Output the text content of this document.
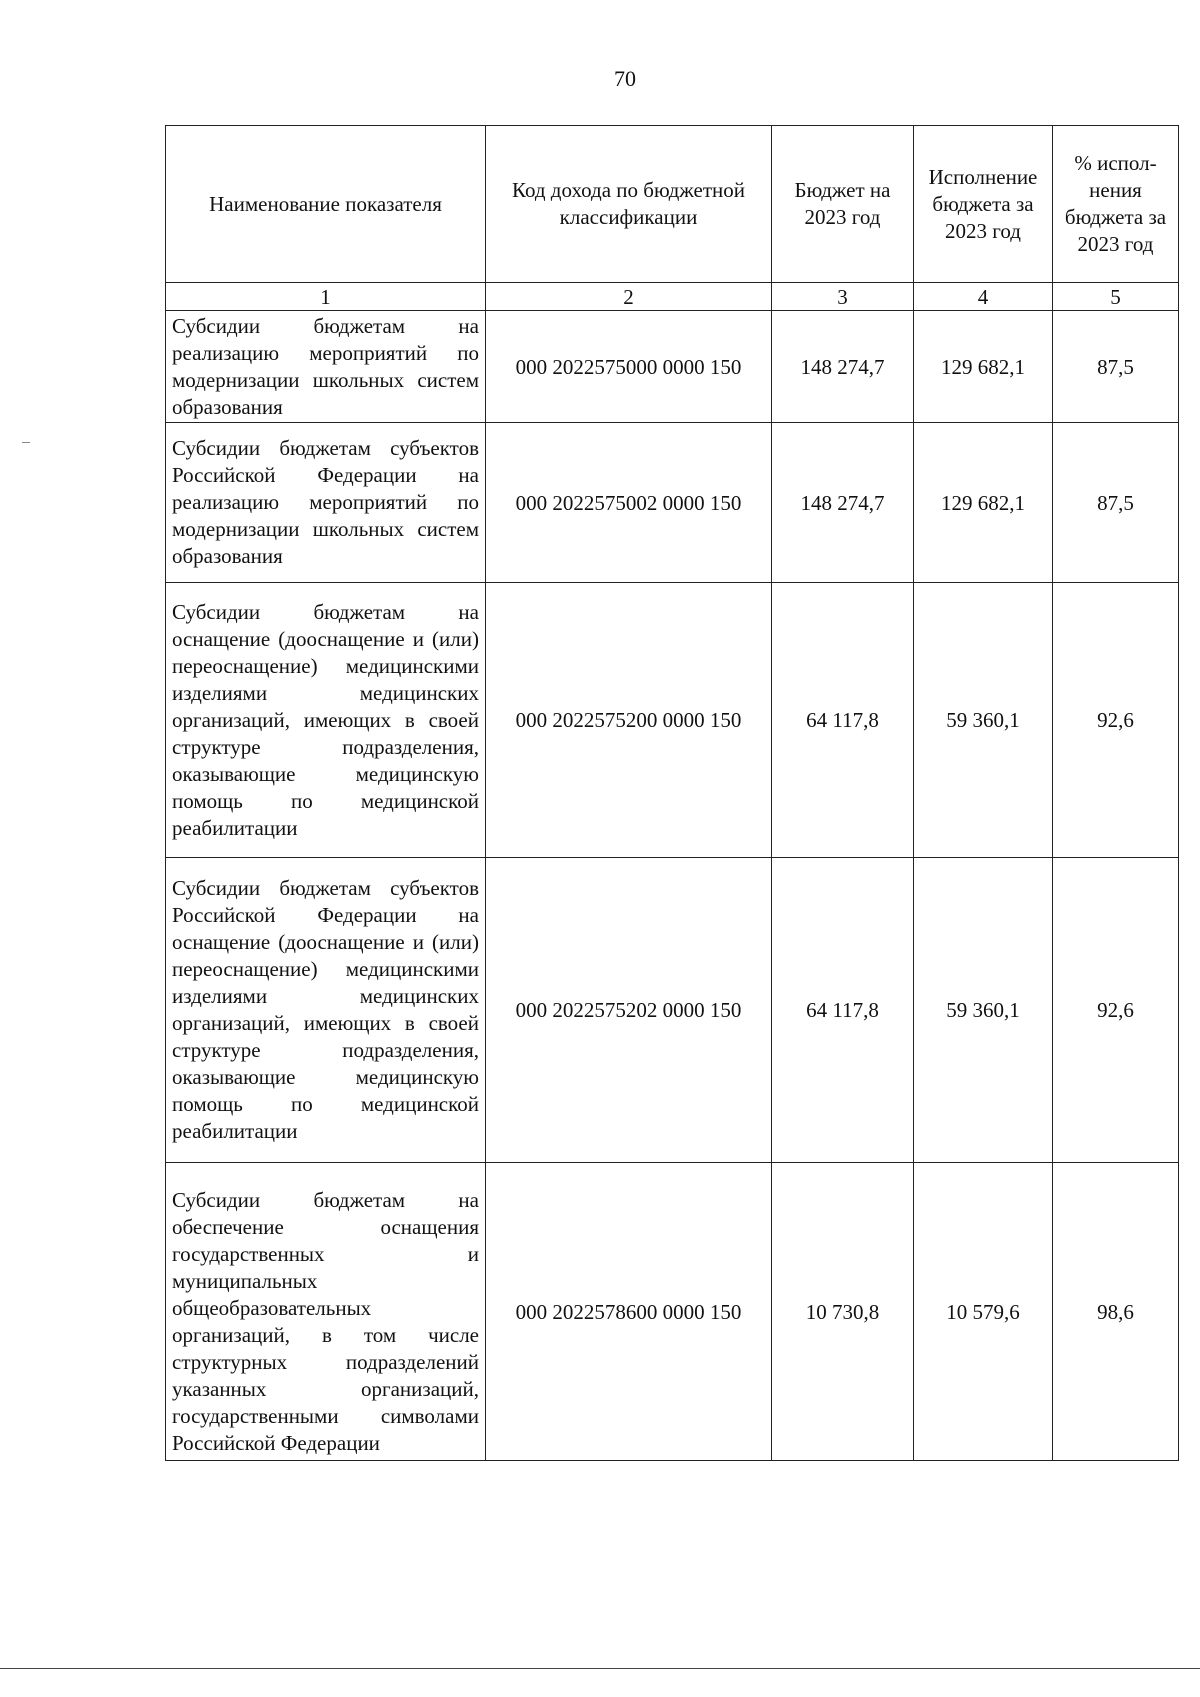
70
Наименование показателя	Код дохода по бюджетной классификации	Бюджет на 2023 год	Исполнение бюджета за 2023 год	% испол-нения бюджета за 2023 год
1	2	3	4	5
Субсидии бюджетам на реализацию мероприятий по модернизации школьных систем образования	000 2022575000 0000 150	148 274,7	129 682,1	87,5
Субсидии бюджетам субъектов Российской Федерации на реализацию мероприятий по модернизации школьных систем образования	000 2022575002 0000 150	148 274,7	129 682,1	87,5
Субсидии бюджетам на оснащение (дооснащение и (или) переоснащение) медицинскими изделиями медицинских организаций, имеющих в своей структуре подразделения, оказывающие медицинскую помощь по медицинской реабилитации	000 2022575200 0000 150	64 117,8	59 360,1	92,6
Субсидии бюджетам субъектов Российской Федерации на оснащение (дооснащение и (или) переоснащение) медицинскими изделиями медицинских организаций, имеющих в своей структуре подразделения, оказывающие медицинскую помощь по медицинской реабилитации	000 2022575202 0000 150	64 117,8	59 360,1	92,6
Субсидии бюджетам на обеспечение оснащения государственных и муниципальных общеобразовательных организаций, в том числе структурных подразделений указанных организаций, государственными символами Российской Федерации	000 2022578600 0000 150	10 730,8	10 579,6	98,6
